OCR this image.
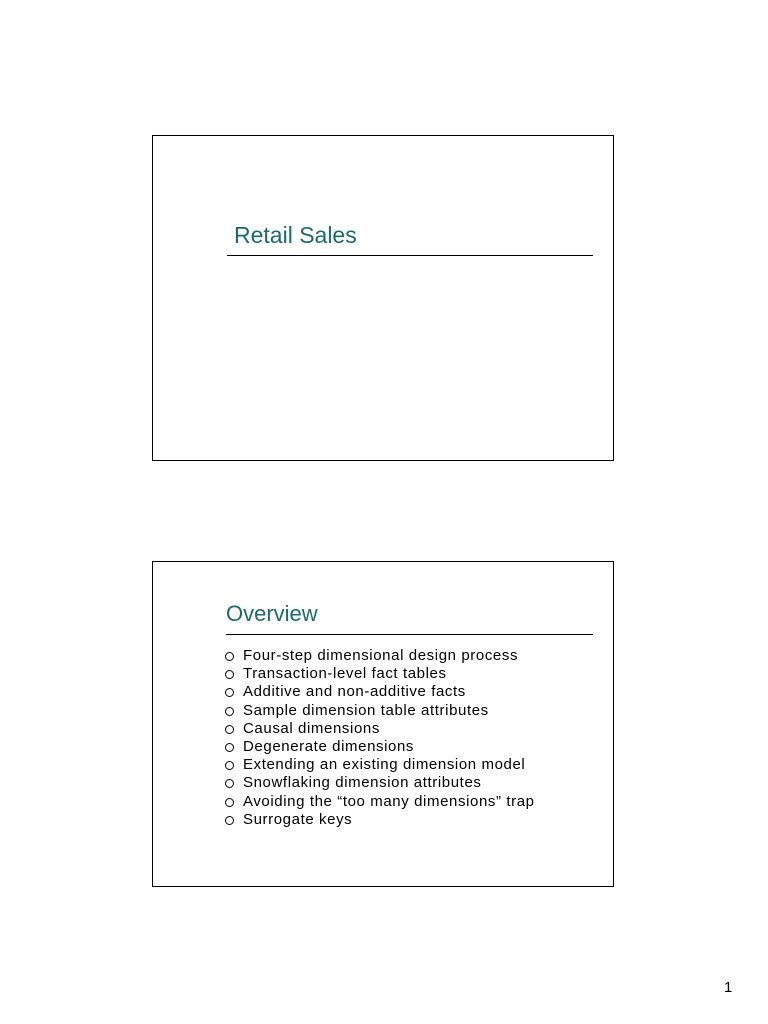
Retail Sales
Overview
Four-step dimensional design process
Transaction-level fact tables
Additive and non-additive facts
Sample dimension table attributes
Causal dimensions
Degenerate dimensions
Extending an existing dimension model
Snowflaking dimension attributes
Avoiding the “too many dimensions” trap
Surrogate keys
1
